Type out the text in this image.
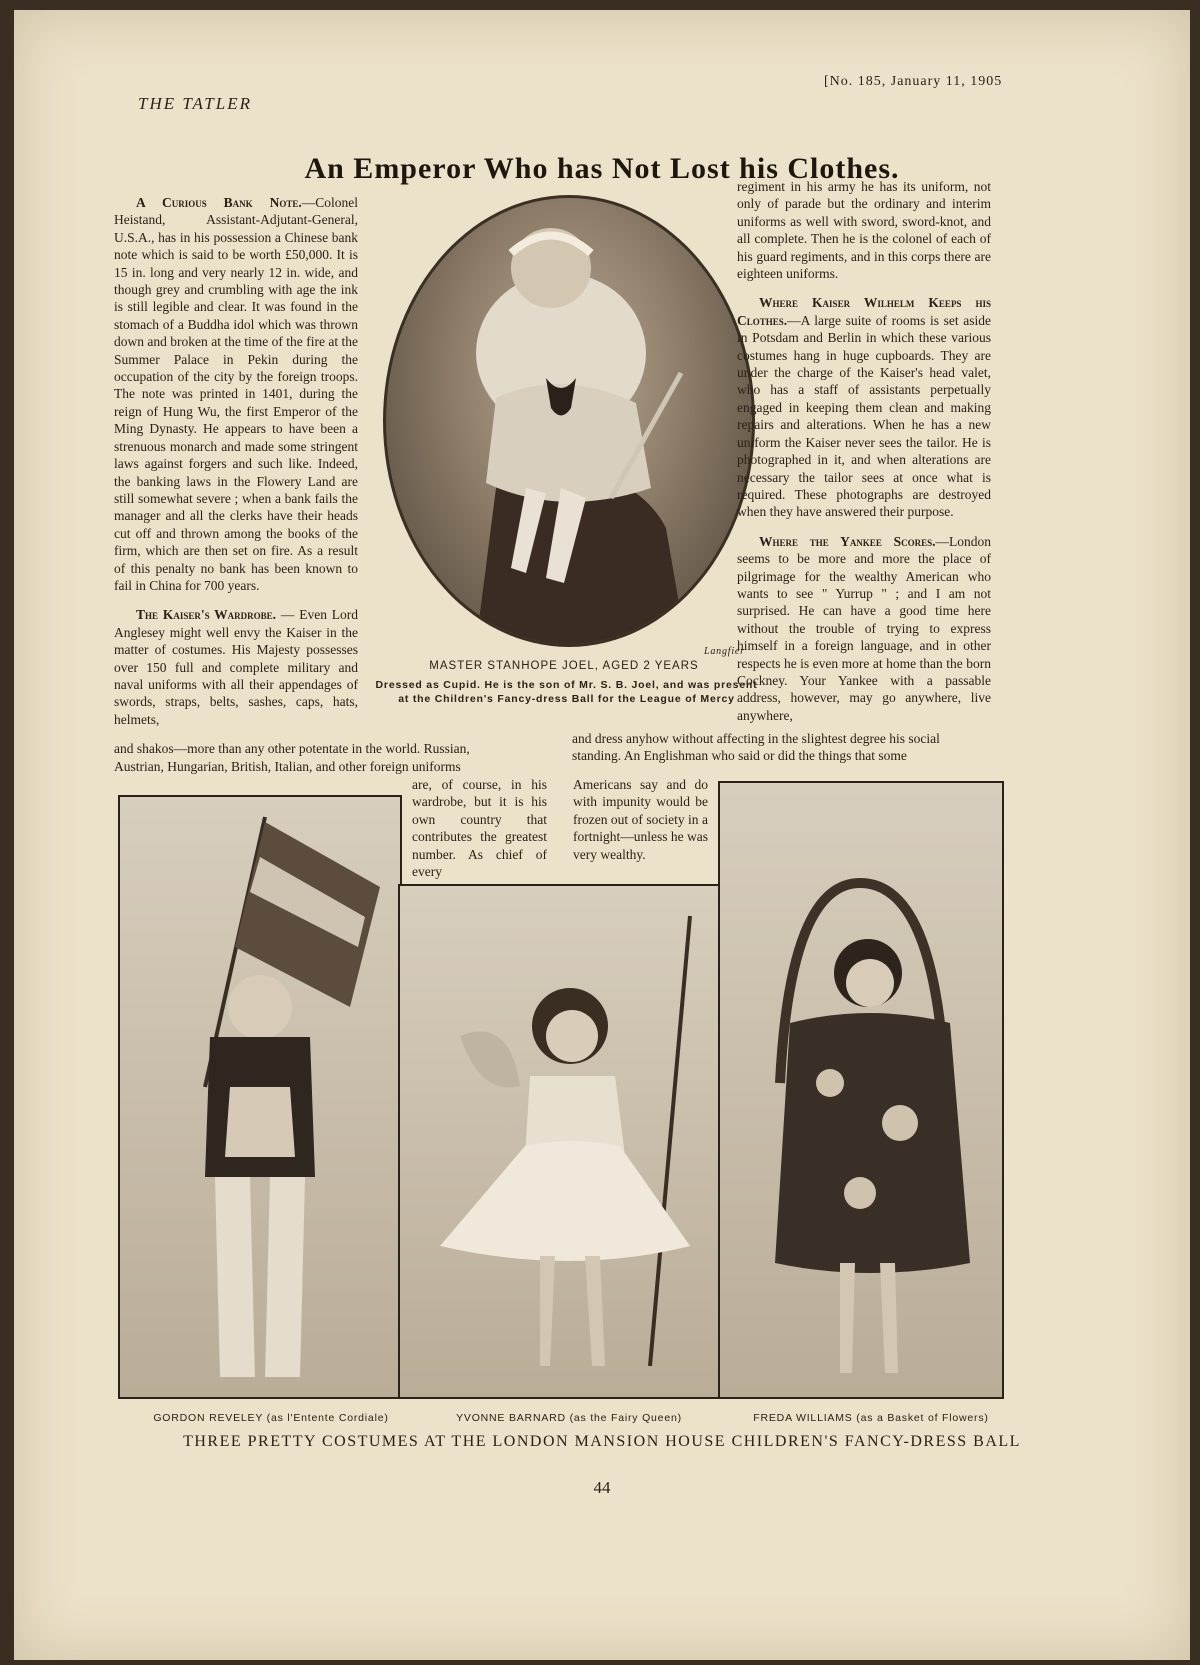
THE TATLER
[No. 185, January 11, 1905
An Emperor Who has Not Lost his Clothes.

A Curious Bank Note.—Colonel Heistand, Assistant-Adjutant-General, U.S.A., has in his possession a Chinese bank note which is said to be worth £50,000. It is 15 in. long and very nearly 12 in. wide, and though grey and crumbling with age the ink is still legible and clear. It was found in the stomach of a Buddha idol which was thrown down and broken at the time of the fire at the Summer Palace in Pekin during the occupation of the city by the foreign troops. The note was printed in 1401, during the reign of Hung Wu, the first Emperor of the Ming Dynasty. He appears to have been a strenuous monarch and made some stringent laws against forgers and such like. Indeed, the banking laws in the Flowery Land are still somewhat severe ; when a bank fails the manager and all the clerks have their heads cut off and thrown among the books of the firm, which are then set on fire. As a result of this penalty no bank has been known to fail in China for 700 years.

The Kaiser's Wardrobe. — Even Lord Anglesey might well envy the Kaiser in the matter of costumes. His Majesty possesses over 150 full and complete military and naval uniforms with all their appendages of swords, straps, belts, sashes, caps, hats, helmets,

Langfier
MASTER STANHOPE JOEL, AGED 2 YEARS
Dressed as Cupid. He is the son of Mr. S. B. Joel, and was present at the Children's Fancy-dress Ball for the League of Mercy

regiment in his army he has its uniform, not only of parade but the ordinary and interim uniforms as well with sword, sword-knot, and all complete. Then he is the colonel of each of his guard regiments, and in this corps there are eighteen uniforms.

Where Kaiser Wilhelm Keeps his Clothes.—A large suite of rooms is set aside in Potsdam and Berlin in which these various costumes hang in huge cupboards. They are under the charge of the Kaiser's head valet, who has a staff of assistants perpetually engaged in keeping them clean and making repairs and alterations. When he has a new uniform the Kaiser never sees the tailor. He is photographed in it, and when alterations are necessary the tailor sees at once what is required. These photographs are destroyed when they have answered their purpose.

Where the Yankee Scores.—London seems to be more and more the place of pilgrimage for the wealthy American who wants to see " Yurrup " ; and I am not surprised. He can have a good time here without the trouble of trying to express himself in a foreign language, and in other respects he is even more at home than the born Cockney. Your Yankee with a passable address, however, may go anywhere, live anywhere,

and shakos—more than any other potentate in the world. Russian,
Austrian, Hungarian, British, Italian, and other foreign uniforms
and dress anyhow without affecting in the slightest degree his social
standing. An Englishman who said or did the things that some
are, of course, in his wardrobe, but it is his own country that contributes the greatest number. As chief of every
Americans say and do with impunity would be frozen out of society in a fortnight—unless he was very wealthy.
GORDON REVELEY (as l'Entente Cordiale)	YVONNE BARNARD (as the Fairy Queen)	FREDA WILLIAMS (as a Basket of Flowers)
THREE PRETTY COSTUMES AT THE LONDON MANSION HOUSE CHILDREN'S FANCY-DRESS BALL
44
